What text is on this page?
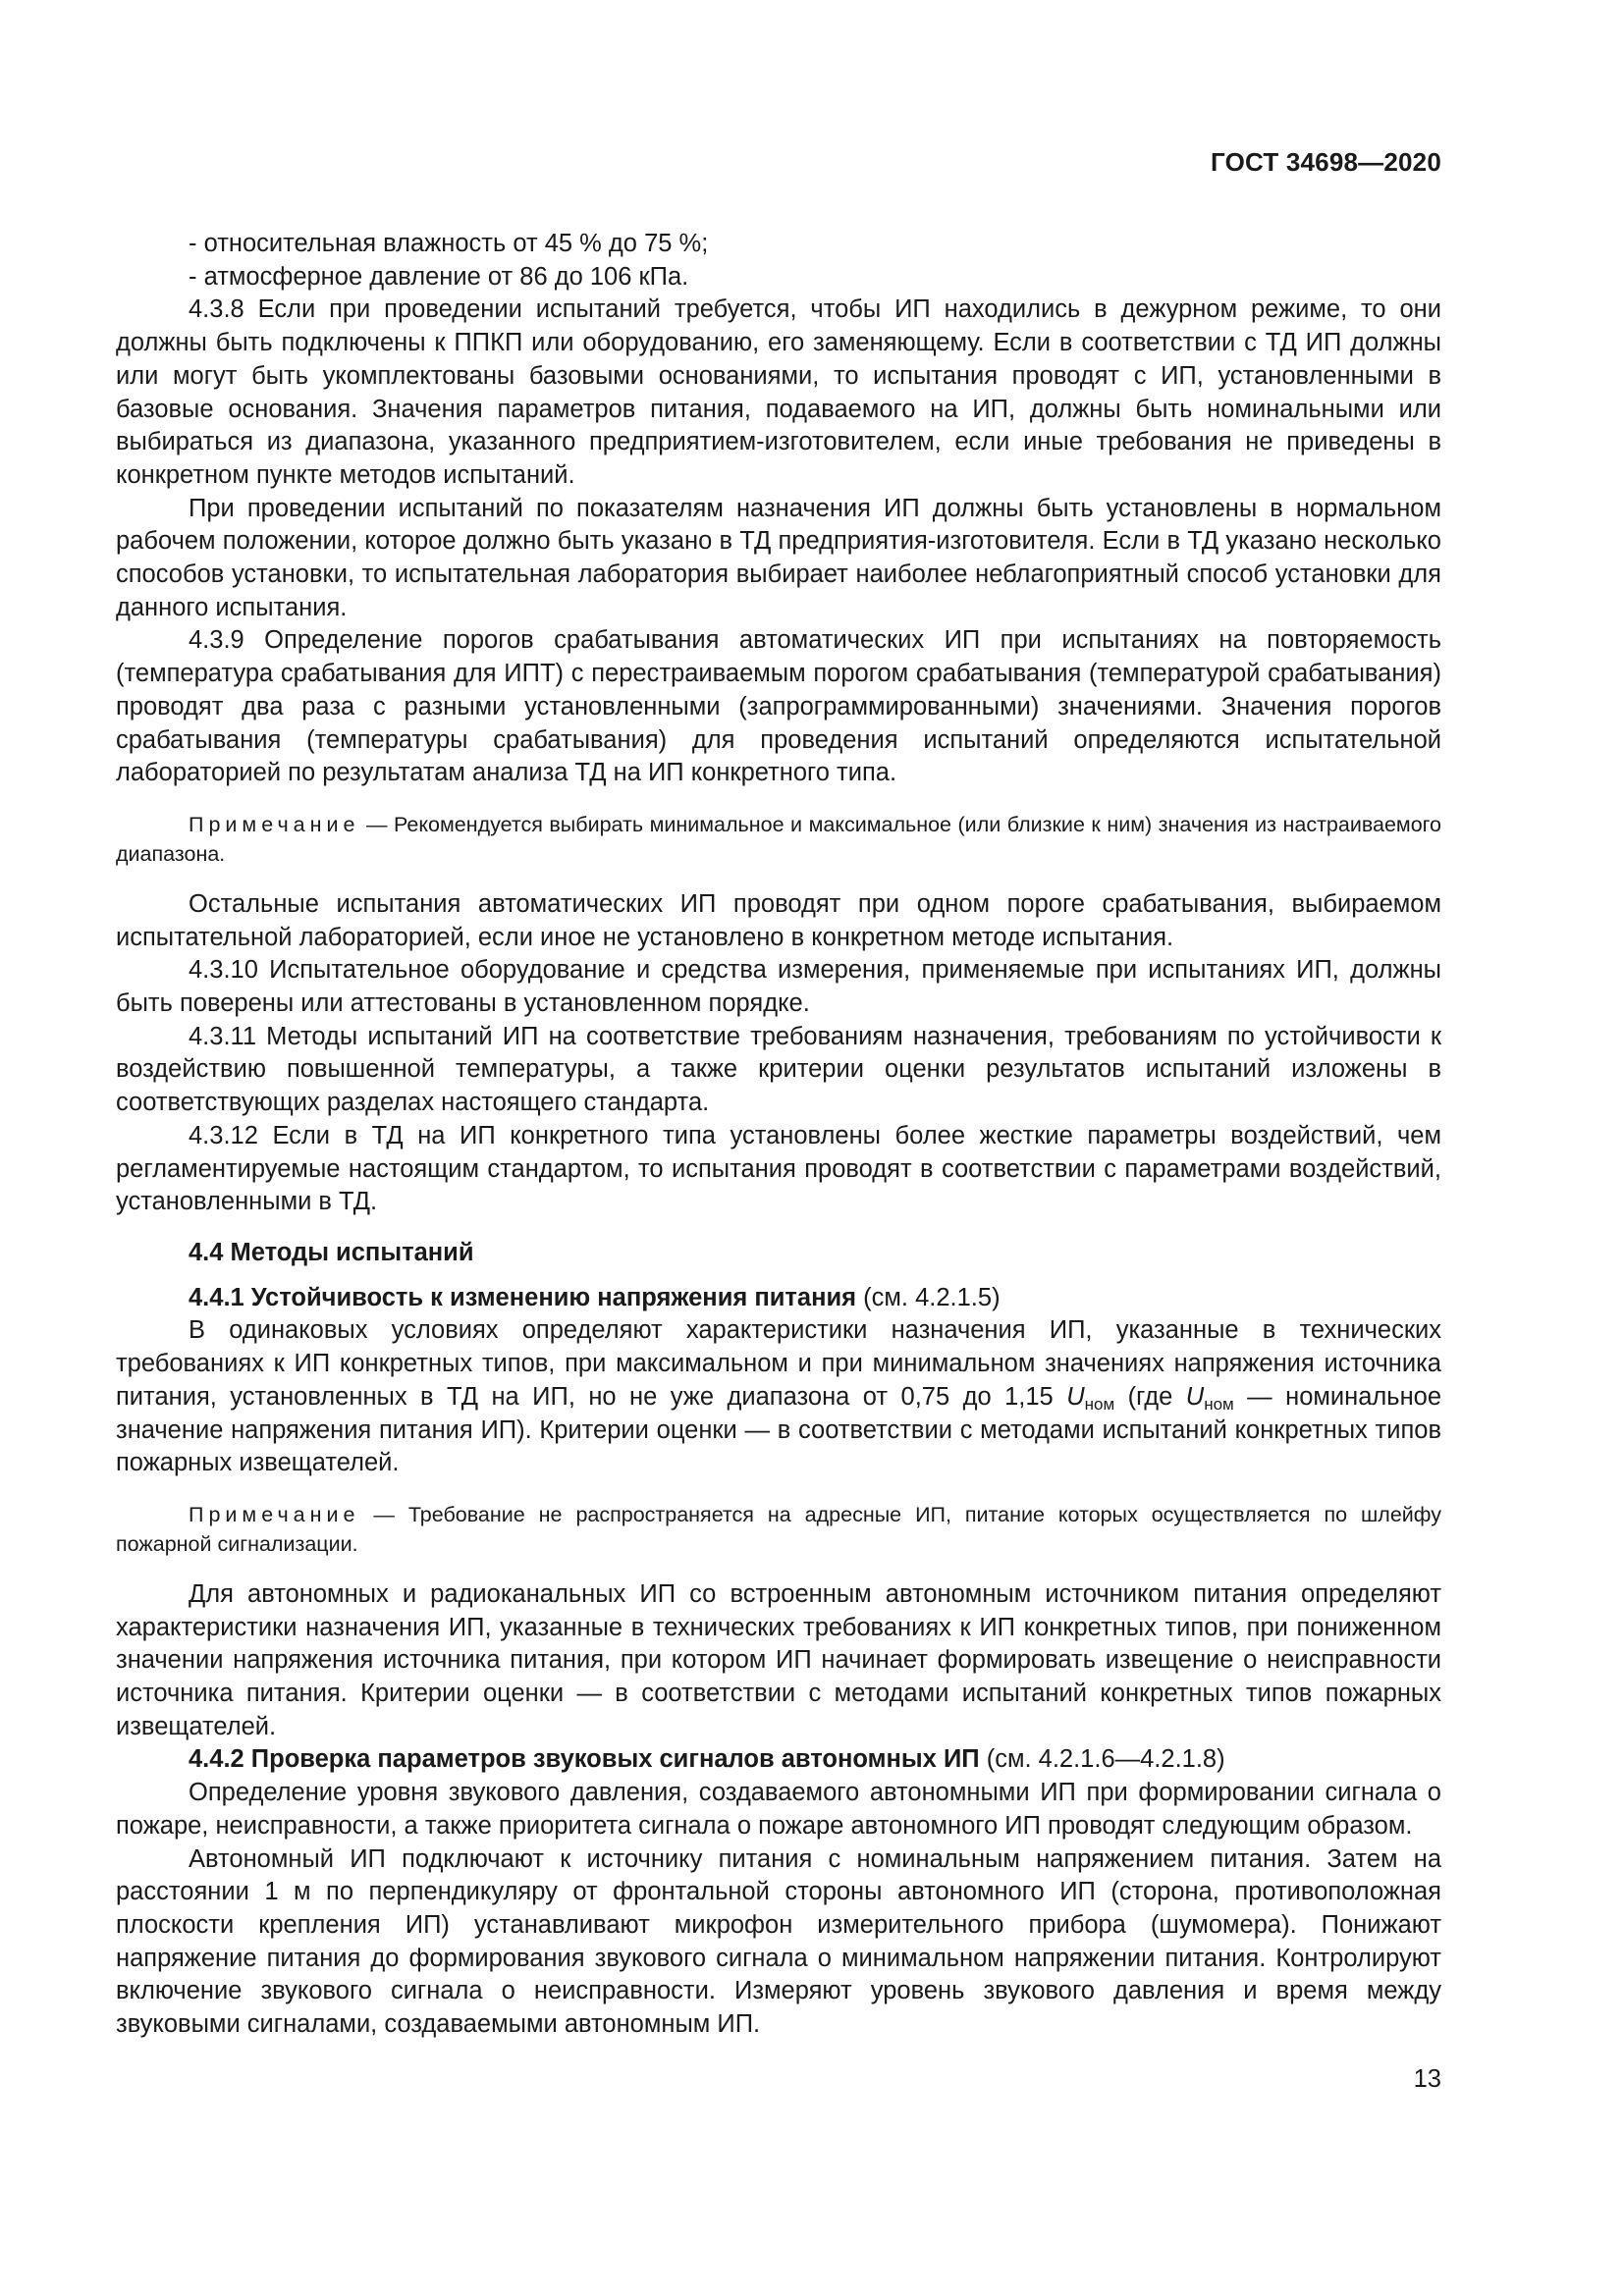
ГОСТ 34698—2020

- относительная влажность от 45 % до 75 %;

- атмосферное давление от 86 до 106 кПа.

4.3.8 Если при проведении испытаний требуется, чтобы ИП находились в дежурном режиме, то они должны быть подключены к ППКП или оборудованию, его заменяющему. Если в соответствии с ТД ИП должны или могут быть укомплектованы базовыми основаниями, то испытания проводят с ИП, установленными в базовые основания. Значения параметров питания, подаваемого на ИП, должны быть номинальными или выбираться из диапазона, указанного предприятием-изготовителем, если иные требования не приведены в конкретном пункте методов испытаний.

При проведении испытаний по показателям назначения ИП должны быть установлены в нормальном рабочем положении, которое должно быть указано в ТД предприятия-изготовителя. Если в ТД указано несколько способов установки, то испытательная лаборатория выбирает наиболее неблагоприятный способ установки для данного испытания.

4.3.9 Определение порогов срабатывания автоматических ИП при испытаниях на повторяемость (температура срабатывания для ИПТ) с перестраиваемым порогом срабатывания (температурой срабатывания) проводят два раза с разными установленными (запрограммированными) значениями. Значения порогов срабатывания (температуры срабатывания) для проведения испытаний определяются испытательной лабораторией по результатам анализа ТД на ИП конкретного типа.

Примечание — Рекомендуется выбирать минимальное и максимальное (или близкие к ним) значения из настраиваемого диапазона.

Остальные испытания автоматических ИП проводят при одном пороге срабатывания, выбираемом испытательной лабораторией, если иное не установлено в конкретном методе испытания.

4.3.10 Испытательное оборудование и средства измерения, применяемые при испытаниях ИП, должны быть поверены или аттестованы в установленном порядке.

4.3.11 Методы испытаний ИП на соответствие требованиям назначения, требованиям по устойчивости к воздействию повышенной температуры, а также критерии оценки результатов испытаний изложены в соответствующих разделах настоящего стандарта.

4.3.12 Если в ТД на ИП конкретного типа установлены более жесткие параметры воздействий, чем регламентируемые настоящим стандартом, то испытания проводят в соответствии с параметрами воздействий, установленными в ТД.

4.4 Методы испытаний

4.4.1 Устойчивость к изменению напряжения питания (см. 4.2.1.5)

В одинаковых условиях определяют характеристики назначения ИП, указанные в технических требованиях к ИП конкретных типов, при максимальном и при минимальном значениях напряжения источника питания, установленных в ТД на ИП, но не уже диапазона от 0,75 до 1,15 $U_{ном}$ (где $U_{ном}$ — номинальное значение напряжения питания ИП). Критерии оценки — в соответствии с методами испытаний конкретных типов пожарных извещателей.

Примечание — Требование не распространяется на адресные ИП, питание которых осуществляется по шлейфу пожарной сигнализации.

Для автономных и радиоканальных ИП со встроенным автономным источником питания определяют характеристики назначения ИП, указанные в технических требованиях к ИП конкретных типов, при пониженном значении напряжения источника питания, при котором ИП начинает формировать извещение о неисправности источника питания. Критерии оценки — в соответствии с методами испытаний конкретных типов пожарных извещателей.

4.4.2 Проверка параметров звуковых сигналов автономных ИП (см. 4.2.1.6—4.2.1.8)

Определение уровня звукового давления, создаваемого автономными ИП при формировании сигнала о пожаре, неисправности, а также приоритета сигнала о пожаре автономного ИП проводят следующим образом.

Автономный ИП подключают к источнику питания с номинальным напряжением питания. Затем на расстоянии 1 м по перпендикуляру от фронтальной стороны автономного ИП (сторона, противоположная плоскости крепления ИП) устанавливают микрофон измерительного прибора (шумомера). Понижают напряжение питания до формирования звукового сигнала о минимальном напряжении питания. Контролируют включение звукового сигнала о неисправности. Измеряют уровень звукового давления и время между звуковыми сигналами, создаваемыми автономным ИП.

13
